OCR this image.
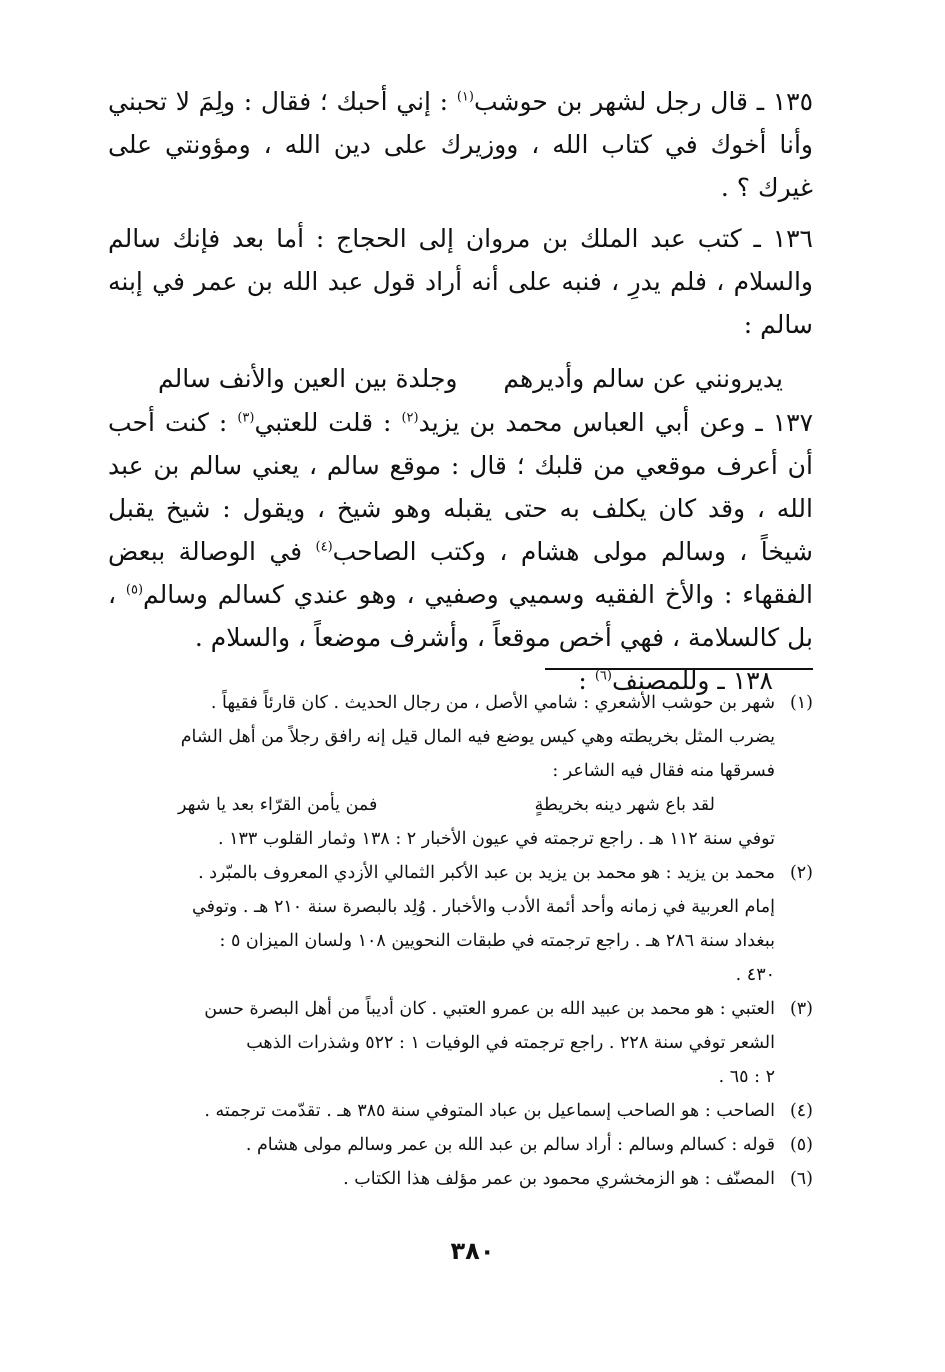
١٣٥ ـ قال رجل لشهر بن حوشب$^{(١)}$ : إني أحبك ؛ فقال : ولِمَ لا تحبني وأنا أخوك في كتاب الله ، ووزيرك على دين الله ، ومؤونتي على غيرك ؟ .

١٣٦ ـ كتب عبد الملك بن مروان إلى الحجاج : أما بعد فإنك سالم والسلام ، فلم يدرِ ، فنبه على أنه أراد قول عبد الله بن عمر في إبنه سالم :

يديرونني عن سالم وأديرهم
وجلدة بين العين والأنف سالم

١٣٧ ـ وعن أبي العباس محمد بن يزيد$^{(٢)}$ : قلت للعتبي$^{(٣)}$ : كنت أحب أن أعرف موقعي من قلبك ؛ قال : موقع سالم ، يعني سالم بن عبد الله ، وقد كان يكلف به حتى يقبله وهو شيخ ، ويقول : شيخ يقبل شيخاً ، وسالم مولى هشام ، وكتب الصاحب$^{(٤)}$ في الوصالة ببعض الفقهاء : والأخ الفقيه وسميي وصفيي ، وهو عندي كسالم وسالم$^{(٥)}$ ، بل كالسلامة ، فهي أخص موقعاً ، وأشرف موضعاً ، والسلام .

١٣٨ ـ وللمصنف$^{(٦)}$ :

(١)
شهر بن حوشب الأشعري : شامي الأصل ، من رجال الحديث . كان قارئاً فقيهاً .
يضرب المثل بخريطته وهي كيس يوضع فيه المال قيل إنه رافق رجلاً من أهل الشام
فسرقها منه فقال فيه الشاعر :
لقد باع شهر دينه بخريطةٍ
فمن يأمن القرّاء بعد يا شهر
توفي سنة ١١٢ هـ . راجع ترجمته في عيون الأخبار ٢ : ١٣٨ وثمار القلوب ١٣٣ .
(٢)
محمد بن يزيد : هو محمد بن يزيد بن عبد الأكبر الثمالي الأزدي المعروف بالمبّرد .
إمام العربية في زمانه وأحد أئمة الأدب والأخبار . وُلِد بالبصرة سنة ٢١٠ هـ . وتوفي
ببغداد سنة ٢٨٦ هـ . راجع ترجمته في طبقات النحويين ١٠٨ ولسان الميزان ٥ :
٤٣٠ .
(٣)
العتبي : هو محمد بن عبيد الله بن عمرو العتبي . كان أديباً من أهل البصرة حسن
الشعر توفي سنة ٢٢٨ . راجع ترجمته في الوفيات ١ : ٥٢٢ وشذرات الذهب
٢ : ٦٥ .
(٤)
الصاحب : هو الصاحب إسماعيل بن عباد المتوفي سنة ٣٨٥ هـ . تقدّمت ترجمته .
(٥)
قوله : كسالم وسالم : أراد سالم بن عبد الله بن عمر وسالم مولى هشام .
(٦)
المصنّف : هو الزمخشري محمود بن عمر مؤلف هذا الكتاب .
٣٨٠
